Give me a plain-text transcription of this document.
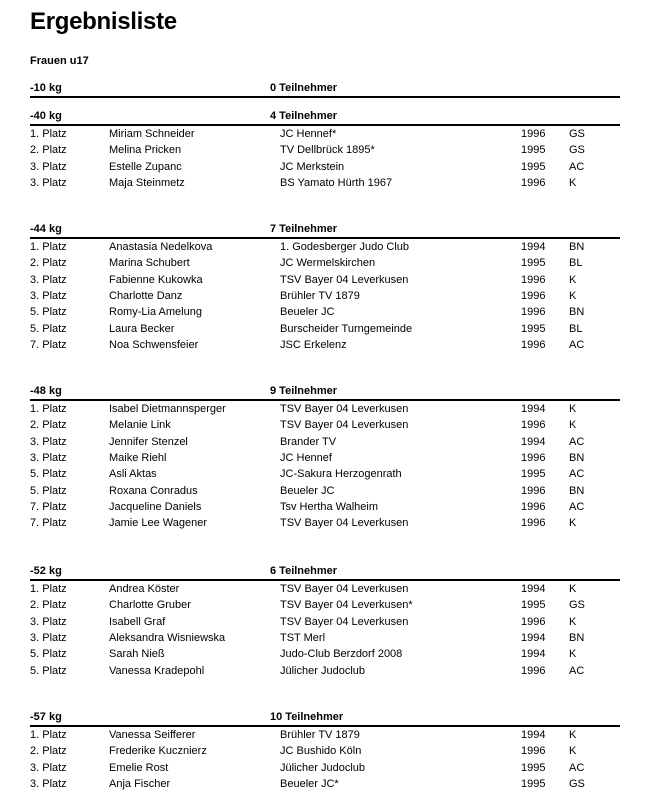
Ergebnisliste
Frauen u17
-10 kg	0 Teilnehmer
-40 kg	4 Teilnehmer
1. Platz	Miriam Schneider	JC Hennef*	1996 GS
2. Platz	Melina Pricken	TV Dellbrück 1895*	1995 GS
3. Platz	Estelle Zupanc	JC Merkstein	1995 AC
3. Platz	Maja Steinmetz	BS Yamato Hürth 1967	1996 K
-44 kg	7 Teilnehmer
1. Platz	Anastasia Nedelkova	1. Godesberger Judo Club	1994 BN
2. Platz	Marina Schubert	JC Wermelskirchen	1995 BL
3. Platz	Fabienne Kukowka	TSV Bayer 04 Leverkusen	1996 K
3. Platz	Charlotte Danz	Brühler TV 1879	1996 K
5. Platz	Romy-Lia Amelung	Beueler JC	1996 BN
5. Platz	Laura Becker	Burscheider Turngemeinde	1995 BL
7. Platz	Noa Schwensfeier	JSC Erkelenz	1996 AC
-48 kg	9 Teilnehmer
1. Platz	Isabel Dietmannsperger	TSV Bayer 04 Leverkusen	1994 K
2. Platz	Melanie Link	TSV Bayer 04 Leverkusen	1996 K
3. Platz	Jennifer Stenzel	Brander TV	1994 AC
3. Platz	Maike Riehl	JC Hennef	1996 BN
5. Platz	Asli Aktas	JC-Sakura Herzogenrath	1995 AC
5. Platz	Roxana Conradus	Beueler JC	1996 BN
7. Platz	Jacqueline Daniels	Tsv Hertha Walheim	1996 AC
7. Platz	Jamie Lee Wagener	TSV Bayer 04 Leverkusen	1996 K
-52 kg	6 Teilnehmer
1. Platz	Andrea Köster	TSV Bayer 04 Leverkusen	1994 K
2. Platz	Charlotte Gruber	TSV Bayer 04 Leverkusen*	1995 GS
3. Platz	Isabell Graf	TSV Bayer 04 Leverkusen	1996 K
3. Platz	Aleksandra Wisniewska	TST Merl	1994 BN
5. Platz	Sarah Nieß	Judo-Club Berzdorf 2008	1994 K
5. Platz	Vanessa Kradepohl	Jülicher Judoclub	1996 AC
-57 kg	10 Teilnehmer
1. Platz	Vanessa Seifferer	Brühler TV 1879	1994 K
2. Platz	Frederike Kucznierz	JC Bushido Köln	1996 K
3. Platz	Emelie Rost	Jülicher Judoclub	1995 AC
3. Platz	Anja Fischer	Beueler JC*	1995 GS
